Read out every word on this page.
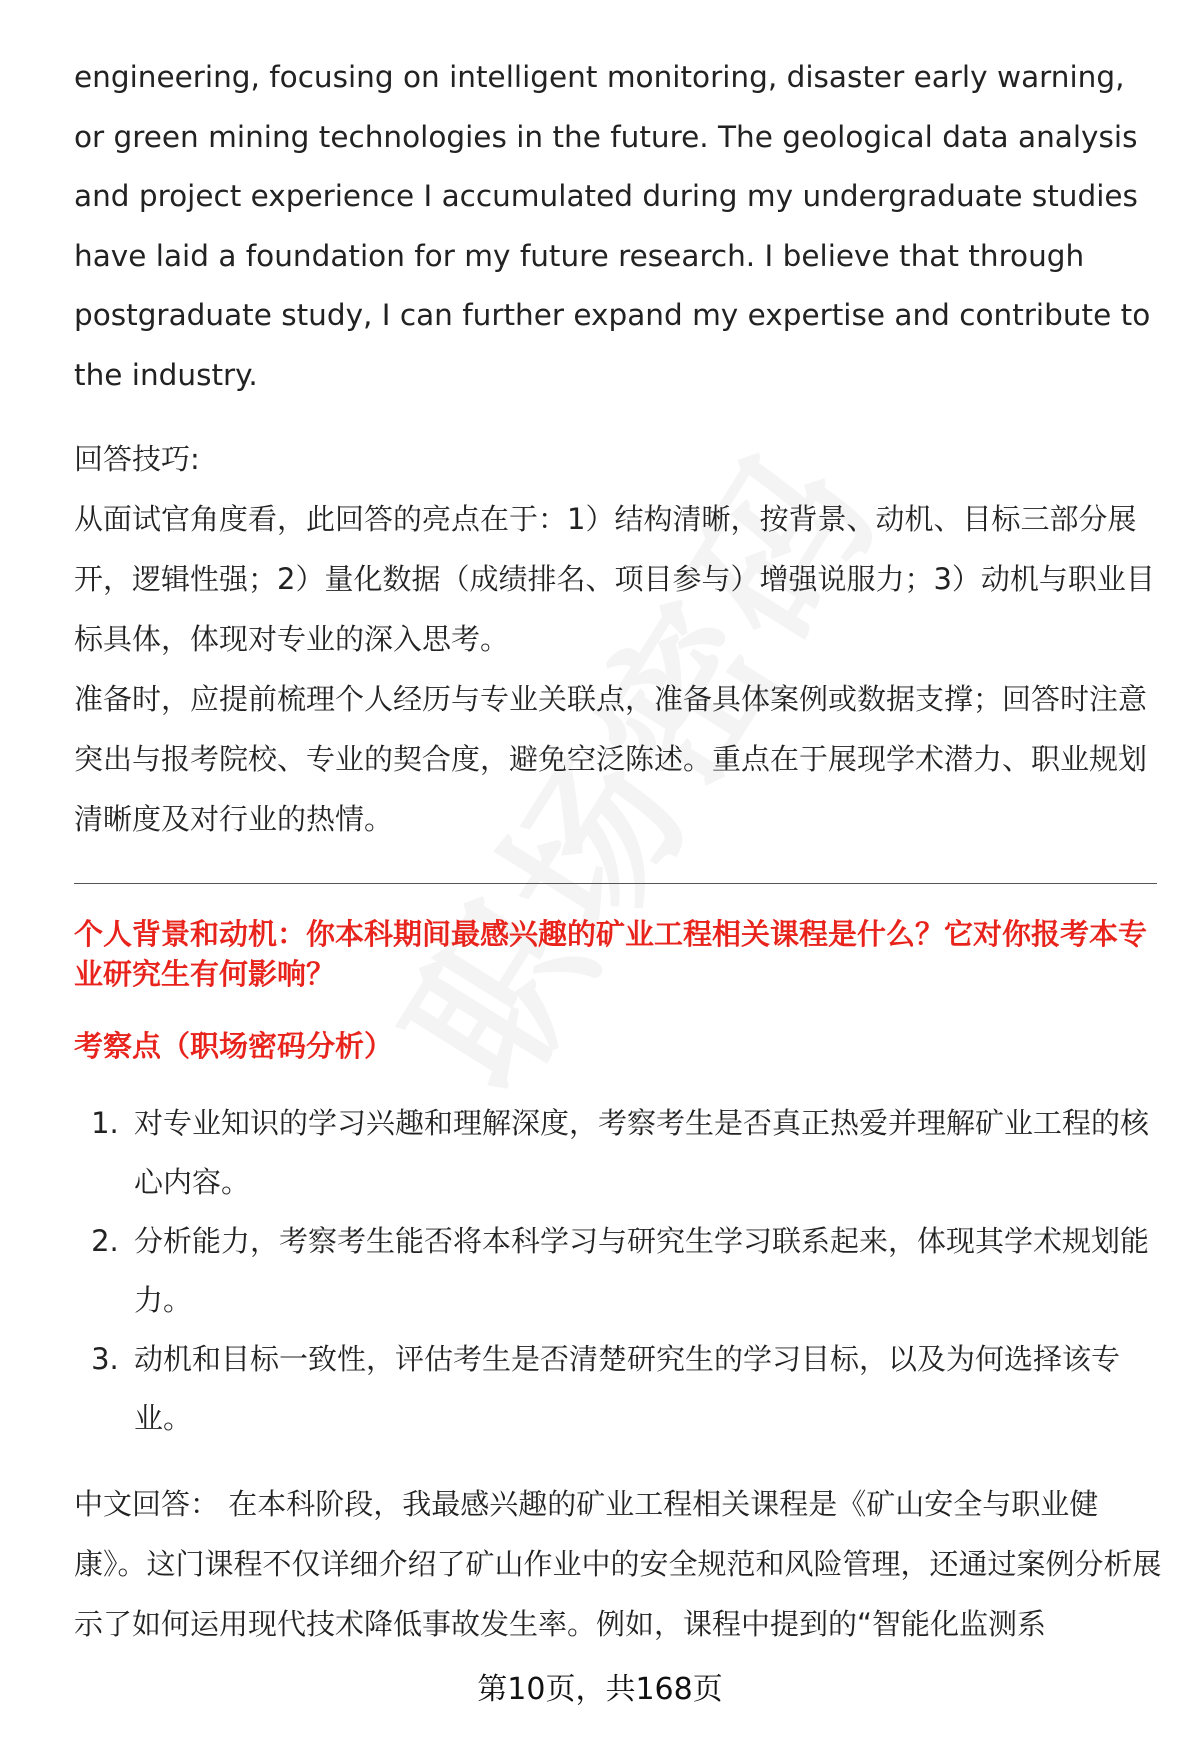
engineering, focusing on intelligent monitoring, disaster early warning, or green mining technologies in the future. The geological data analysis and project experience I accumulated during my undergraduate studies have laid a foundation for my future research. I believe that through postgraduate study, I can further expand my expertise and contribute to the industry.

回答技巧:

从面试官角度看，此回答的亮点在于：1）结构清晰，按背景、动机、目标三部分展开，逻辑性强；2）量化数据（成绩排名、项目参与）增强说服力；3）动机与职业目标具体，体现对专业的深入思考。

准备时，应提前梳理个人经历与专业关联点，准备具体案例或数据支撑；回答时注意突出与报考院校、专业的契合度，避免空泛陈述。重点在于展现学术潜力、职业规划清晰度及对行业的热情。

个人背景和动机：你本科期间最感兴趣的矿业工程相关课程是什么？它对你报考本专业研究生有何影响？

考察点（职场密码分析）

1. 对专业知识的学习兴趣和理解深度，考察考生是否真正热爱并理解矿业工程的核心内容。
2. 分析能力，考察考生能否将本科学习与研究生学习联系起来，体现其学术规划能力。
3. 动机和目标一致性，评估考生是否清楚研究生的学习目标，以及为何选择该专业。

中文回答： 在本科阶段，我最感兴趣的矿业工程相关课程是《矿山安全与职业健康》。这门课程不仅详细介绍了矿山作业中的安全规范和风险管理，还通过案例分析展示了如何运用现代技术降低事故发生率。例如，课程中提到的“智能化监测系

第10页，共168页
